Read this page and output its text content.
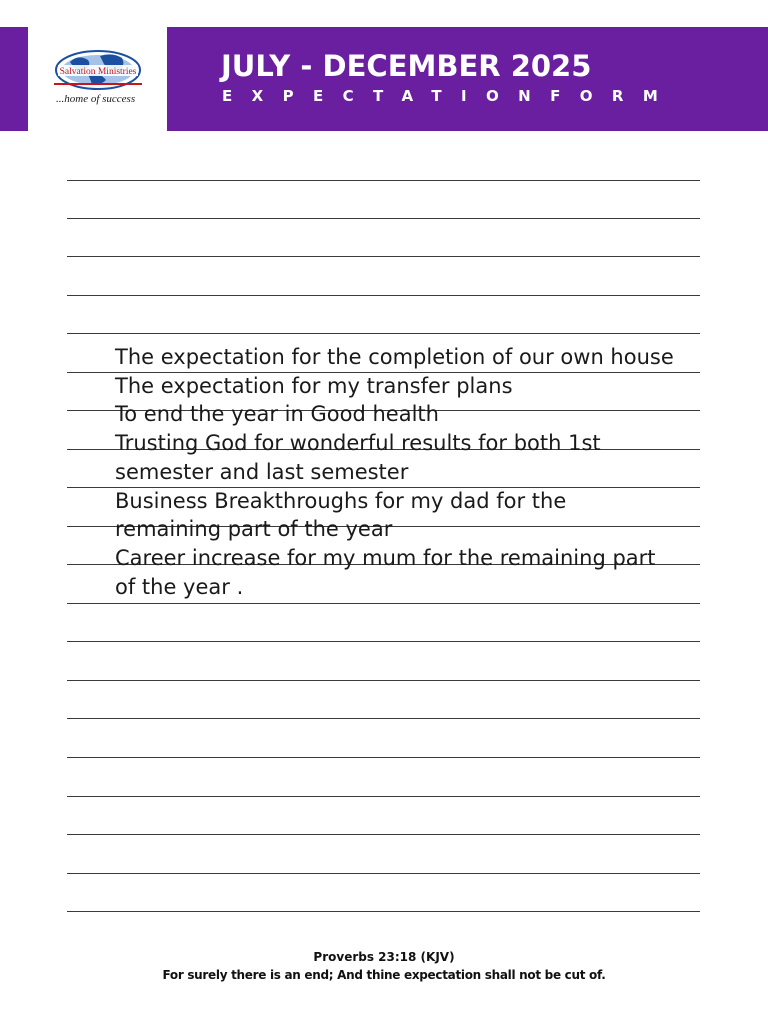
Salvation Ministries
...home of success
JULY - DECEMBER 2025
EXPECTATIONFORM
The expectation for the completion of our own house
The expectation for my transfer plans
To end the year in Good health
Trusting God for wonderful results for both 1st semester and last semester
Business Breakthroughs for my dad for the remaining part of the year
Career increase for my mum for the remaining part of the year .
Proverbs 23:18 (KJV)
For surely there is an end; And thine expectation shall not be cut of.
